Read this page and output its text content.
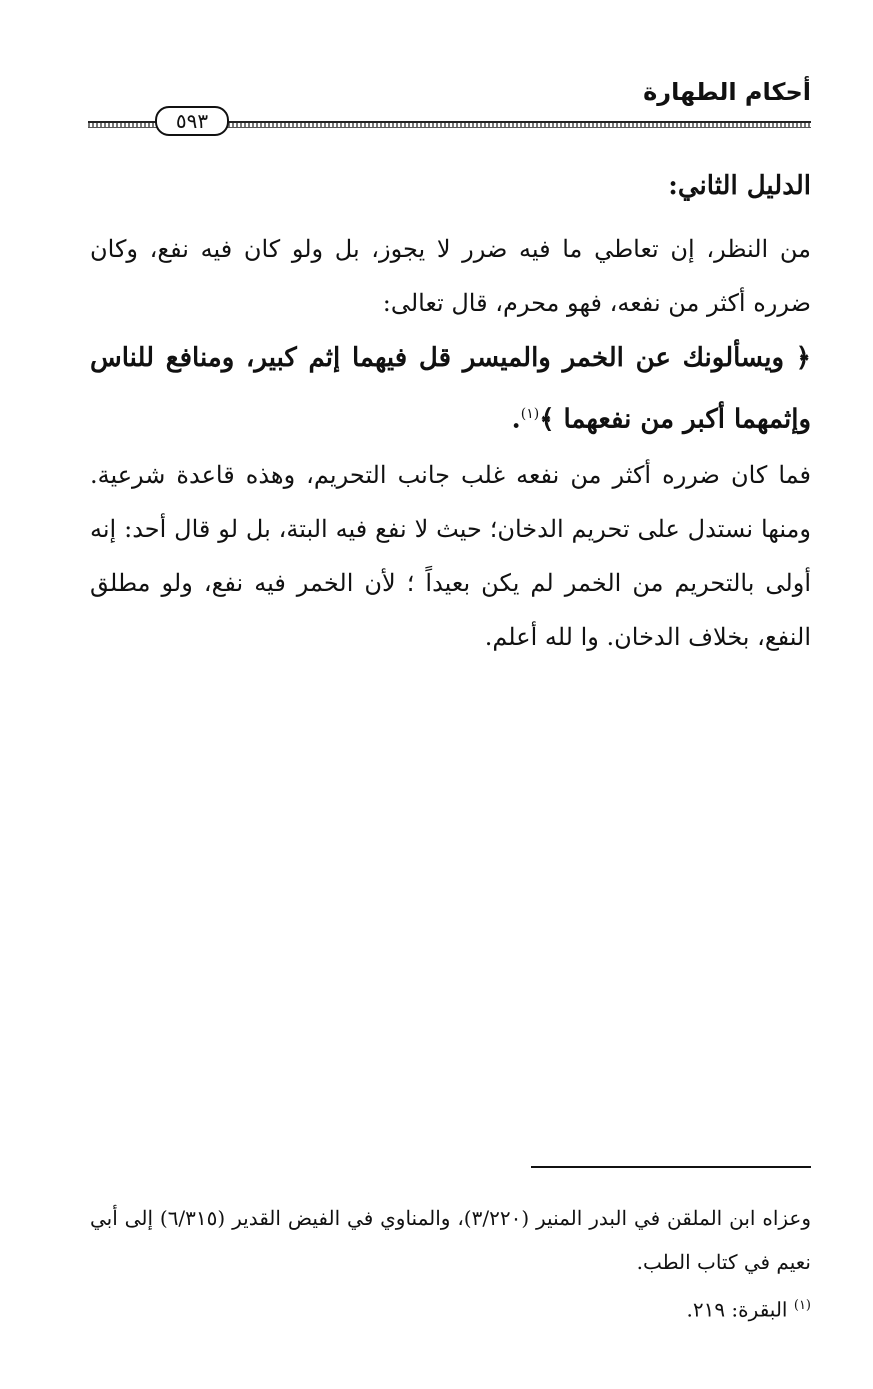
أحكام الطهارة
٥٩٣

الدليل الثاني:

من النظر، إن تعاطي ما فيه ضرر لا يجوز، بل ولو كان فيه نفع، وكان ضرره أكثر من نفعه، فهو محرم، قال تعالى:

﴿ ويسألونك عن الخمر والميسر قل فيهما إثم كبير، ومنافع للناس وإثمهما أكبر من نفعهما ﴾$^{(١)}$.

فما كان ضرره أكثر من نفعه غلب جانب التحريم، وهذه قاعدة شرعية. ومنها نستدل على تحريم الدخان؛ حيث لا نفع فيه البتة، بل لو قال أحد: إنه أولى بالتحريم من الخمر لم يكن بعيداً ؛ لأن الخمر فيه نفع، ولو مطلق النفع، بخلاف الدخان. وا لله أعلم.

وعزاه ابن الملقن في البدر المنير (٣/٢٢٠)، والمناوي في الفيض القدير (٦/٣١٥) إلى أبي نعيم في كتاب الطب.

$^{(١)}$ البقرة: ٢١٩.
